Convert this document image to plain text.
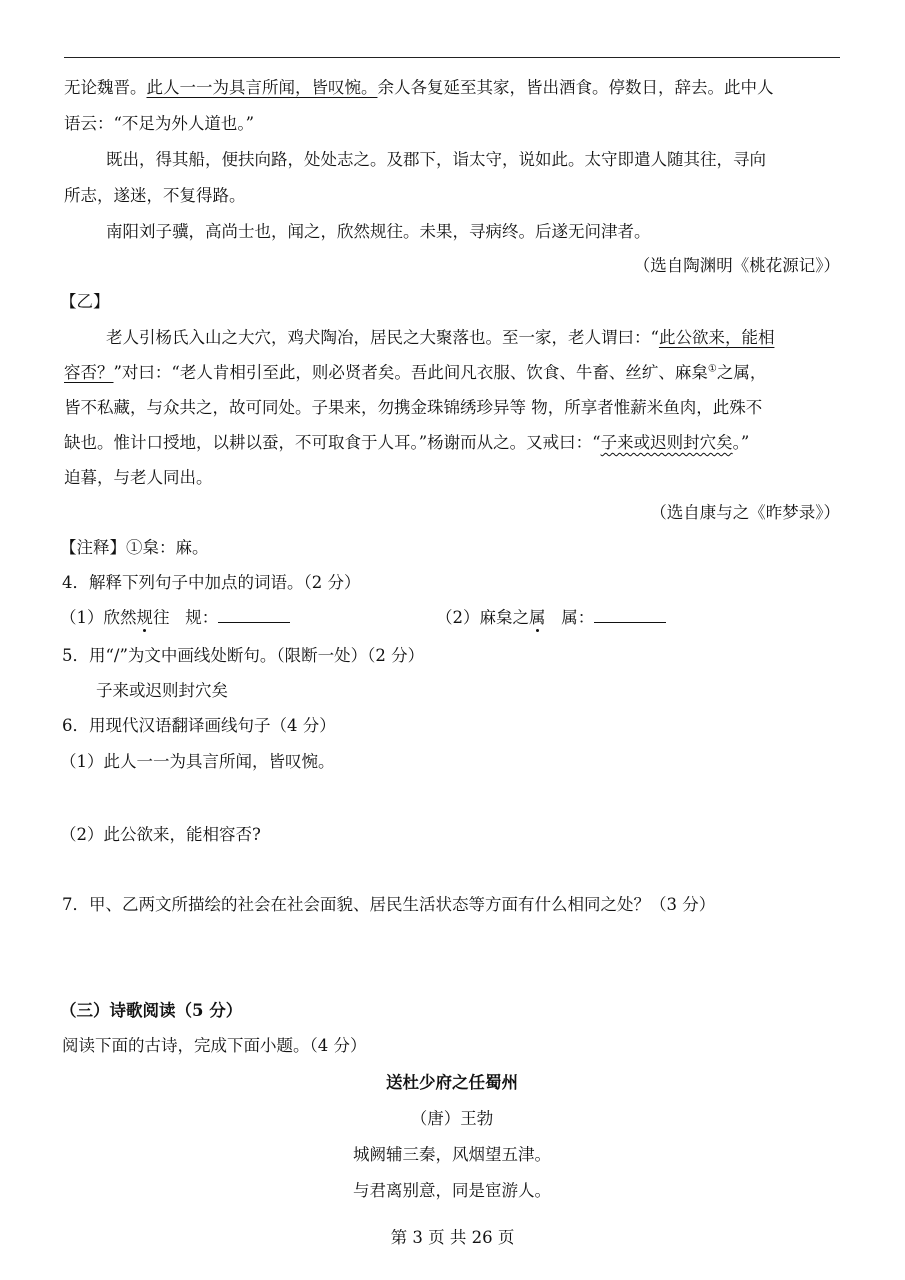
无论魏晋。此人一一为具言所闻，皆叹惋。余人各复延至其家，皆出酒食。停数日，辞去。此中人
语云：“不足为外人道也。”
既出，得其船，便扶向路，处处志之。及郡下，诣太守，说如此。太守即遣人随其往，寻向
所志，遂迷，不复得路。
南阳刘子骥，高尚士也，闻之，欣然规往。未果，寻病终。后遂无问津者。
（选自陶渊明《桃花源记》）
【乙】
老人引杨氏入山之大穴，鸡犬陶冶，居民之大聚落也。至一家，老人谓曰：“此公欲来，能相
容否？”对曰：“老人肯相引至此，则必贤者矣。吾此间凡衣服、饮食、牛畜、丝纩、麻枲①之属，
皆不私藏，与众共之，故可同处。子果来，勿携金珠锦绣珍异等 物，所享者惟薪米鱼肉，此殊不
缺也。惟计口授地，以耕以蚕，不可取食于人耳。”杨谢而从之。又戒曰：“子来或迟则封穴矣。”
迫暮，与老人同出。
（选自康与之《昨梦录》）
【注释】①枲：麻。
4．解释下列句子中加点的词语。（2 分）
（1）欣然规往 规：	（2）麻枲之属 属：
5．用“/”为文中画线处断句。（限断一处）（2 分）
子来或迟则封穴矣
6．用现代汉语翻译画线句子（4 分）
（1）此人一一为具言所闻，皆叹惋。
（2）此公欲来，能相容否?
7．甲、乙两文所描绘的社会在社会面貌、居民生活状态等方面有什么相同之处？（3 分）
（三）诗歌阅读（5 分）
阅读下面的古诗，完成下面小题。（4 分）
送杜少府之任蜀州
（唐）王勃
城阙辅三秦，风烟望五津。
与君离别意，同是宦游人。
第 3 页 共 26 页
